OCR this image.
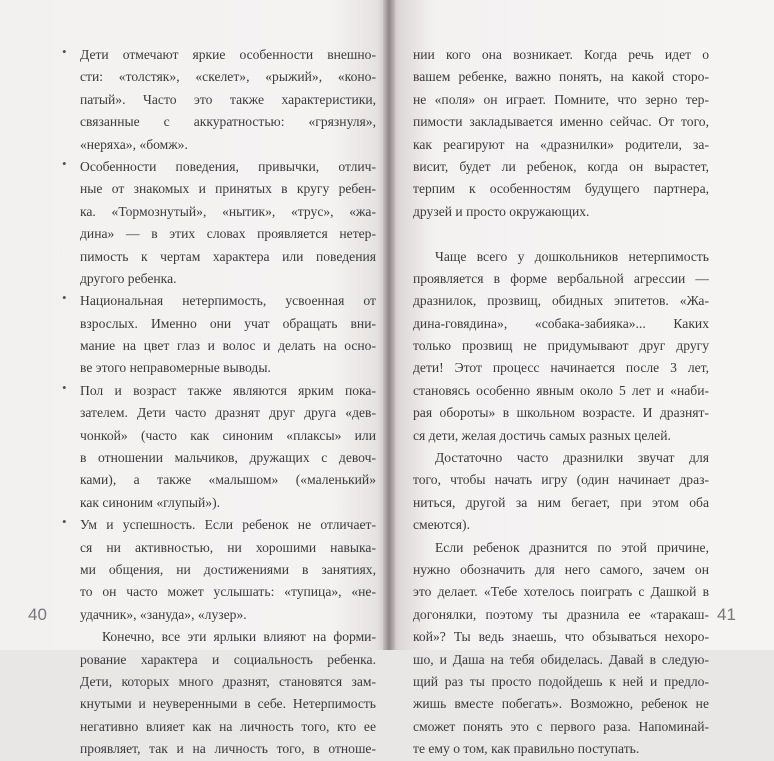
•
•
•
•
•
Дети отмечают яркие особенности внешно-
сти: «толстяк», «скелет», «рыжий», «коно-
патый». Часто это также характеристики,
связанные с аккуратностью: «грязнуля»,
«неряха», «бомж».
Особенности поведения, привычки, отлич-
ные от знакомых и принятых в кругу ребен-
ка. «Тормознутый», «нытик», «трус», «жа-
дина» — в этих словах проявляется нетер-
пимость к чертам характера или поведения
другого ребенка.
Национальная нетерпимость, усвоенная от
взрослых. Именно они учат обращать вни-
мание на цвет глаз и волос и делать на осно-
ве этого неправомерные выводы.
Пол и возраст также являются ярким пока-
зателем. Дети часто дразнят друг друга «дев-
чонкой» (часто как синоним «плаксы» или
в отношении мальчиков, дружащих с девоч-
ками), а также «малышом» («маленький»
как синоним «глупый»).
Ум и успешность. Если ребенок не отличает-
ся ни активностью, ни хорошими навыка-
ми общения, ни достижениями в занятиях,
то он часто может услышать: «тупица», «не-
удачник», «зануда», «лузер».
Конечно, все эти ярлыки влияют на форми-
рование характера и социальность ребенка.
Дети, которых много дразнят, становятся зам-
кнутыми и неуверенными в себе. Нетерпимость
негативно влияет как на личность того, кто ее
проявляет, так и на личность того, в отноше-
нии кого она возникает. Когда речь идет о
вашем ребенке, важно понять, на какой сторо-
не «поля» он играет. Помните, что зерно тер-
пимости закладывается именно сейчас. От того,
как реагируют на «дразнилки» родители, за-
висит, будет ли ребенок, когда он вырастет,
терпим к особенностям будущего партнера,
друзей и просто окружающих.
Чаще всего у дошкольников нетерпимость
проявляется в форме вербальной агрессии —
дразнилок, прозвищ, обидных эпитетов. «Жа-
дина-говядина», «собака-забияка»... Каких
только прозвищ не придумывают друг другу
дети! Этот процесс начинается после 3 лет,
становясь особенно явным около 5 лет и «наби-
рая обороты» в школьном возрасте. И дразнят-
ся дети, желая достичь самых разных целей.
Достаточно часто дразнилки звучат для
того, чтобы начать игру (один начинает драз-
ниться, другой за ним бегает, при этом оба
смеются).
Если ребенок дразнится по этой причине,
нужно обозначить для него самого, зачем он
это делает. «Тебе хотелось поиграть с Дашкой в
догонялки, поэтому ты дразнила ее «таракаш-
кой»? Ты ведь знаешь, что обзываться нехоро-
шо, и Даша на тебя обиделась. Давай в следую-
щий раз ты просто подойдешь к ней и предло-
жишь вместе побегать». Возможно, ребенок не
сможет понять это с первого раза. Напоминай-
те ему о том, как правильно поступать.
40	41
